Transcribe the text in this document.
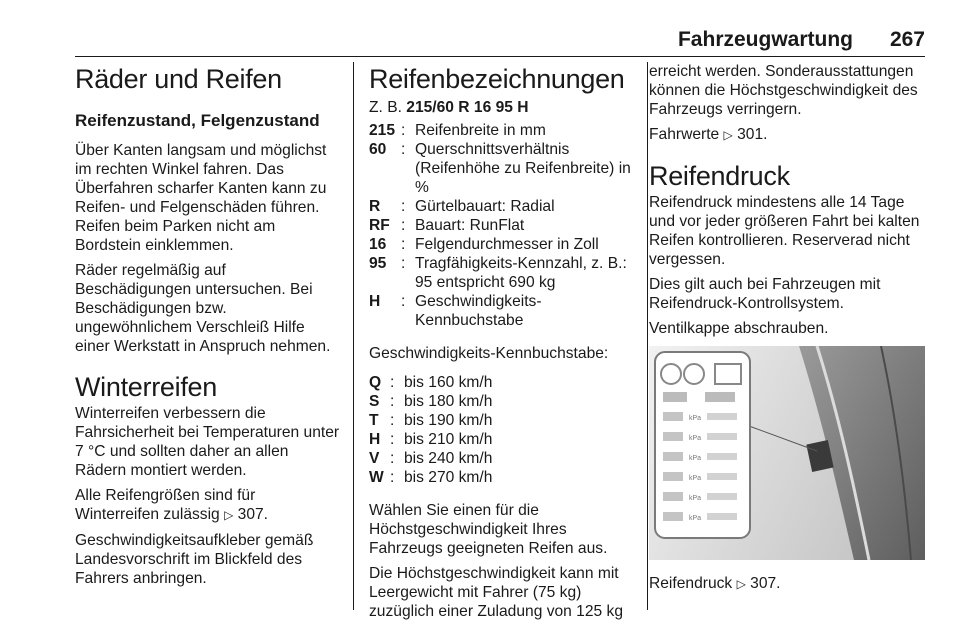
Fahrzeugwartung 267
Räder und Reifen
Reifenzustand, Felgenzustand

Über Kanten langsam und möglichst im rechten Winkel fahren. Das Überfahren scharfer Kanten kann zu Reifen- und Felgenschäden führen. Reifen beim Parken nicht am Bordstein einklemmen.

Räder regelmäßig auf Beschädigungen untersuchen. Bei Beschädigungen bzw. ungewöhnlichem Verschleiß Hilfe einer Werkstatt in Anspruch nehmen.

Winterreifen

Winterreifen verbessern die Fahrsicherheit bei Temperaturen unter 7 °C und sollten daher an allen Rädern montiert werden.

Alle Reifengrößen sind für Winterreifen zulässig ▷ 307.

Geschwindigkeitsaufkleber gemäß Landesvorschrift im Blickfeld des Fahrers anbringen.

Reifenbezeichnungen
Z. B. 215/60 R 16 95 H
215 : Reifenbreite in mm
60 : Querschnittsverhältnis (Reifenhöhe zu Reifenbreite) in %
R	: Gürtelbauart: Radial
RF : Bauart: RunFlat
16 : Felgendurchmesser in Zoll
95 : Tragfähigkeits-Kennzahl, z. B.: 95 entspricht 690 kg
H	: Geschwindigkeits-Kennbuchstabe

Geschwindigkeits-Kennbuchstabe:

Q : bis 160 km/h
S : bis 180 km/h
T : bis 190 km/h
H : bis 210 km/h
V : bis 240 km/h
W : bis 270 km/h

Wählen Sie einen für die Höchstgeschwindigkeit Ihres Fahrzeugs geeigneten Reifen aus.

Die Höchstgeschwindigkeit kann mit Leergewicht mit Fahrer (75 kg) zuzüglich einer Zuladung von 125 kg

erreicht werden. Sonderausstattungen können die Höchstgeschwindigkeit des Fahrzeugs verringern.

Fahrwerte ▷ 301.

Reifendruck

Reifendruck mindestens alle 14 Tage und vor jeder größeren Fahrt bei kalten Reifen kontrollieren. Reserverad nicht vergessen.

Dies gilt auch bei Fahrzeugen mit Reifendruck-Kontrollsystem.

Ventilkappe abschrauben.

kPa
kPa
kPa
kPa
kPa
kPa

Reifendruck ▷ 307.
